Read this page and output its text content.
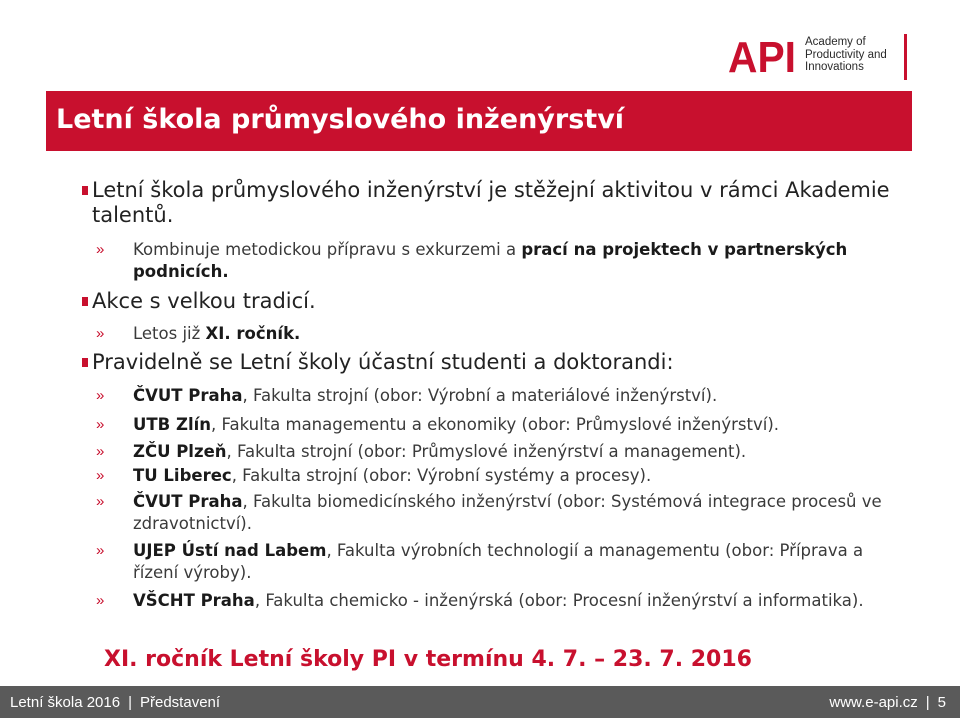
API Academy of
Productivity and
Innovations
Letní škola průmyslového inženýrství
Letní škola průmyslového inženýrství je stěžejní aktivitou v rámci Akademie talentů.
» Kombinuje metodickou přípravu s exkurzemi a prací na projektech v partnerských podnicích.
Akce s velkou tradicí.
» Letos již XI. ročník.
Pravidelně se Letní školy účastní studenti a doktorandi:
» ČVUT Praha, Fakulta strojní (obor: Výrobní a materiálové inženýrství).
» UTB Zlín, Fakulta managementu a ekonomiky (obor: Průmyslové inženýrství).
» ZČU Plzeň, Fakulta strojní (obor: Průmyslové inženýrství a management).
» TU Liberec, Fakulta strojní (obor: Výrobní systémy a procesy).
» ČVUT Praha, Fakulta biomedicínského inženýrství (obor: Systémová integrace procesů ve zdravotnictví).
» UJEP Ústí nad Labem, Fakulta výrobních technologií a managementu (obor: Příprava a řízení výroby).
» VŠCHT Praha, Fakulta chemicko - inženýrská (obor: Procesní inženýrství a informatika).
XI. ročník Letní školy PI v termínu 4. 7. – 23. 7. 2016
Letní škola 2016 | Představení	www.e-api.cz | 5
